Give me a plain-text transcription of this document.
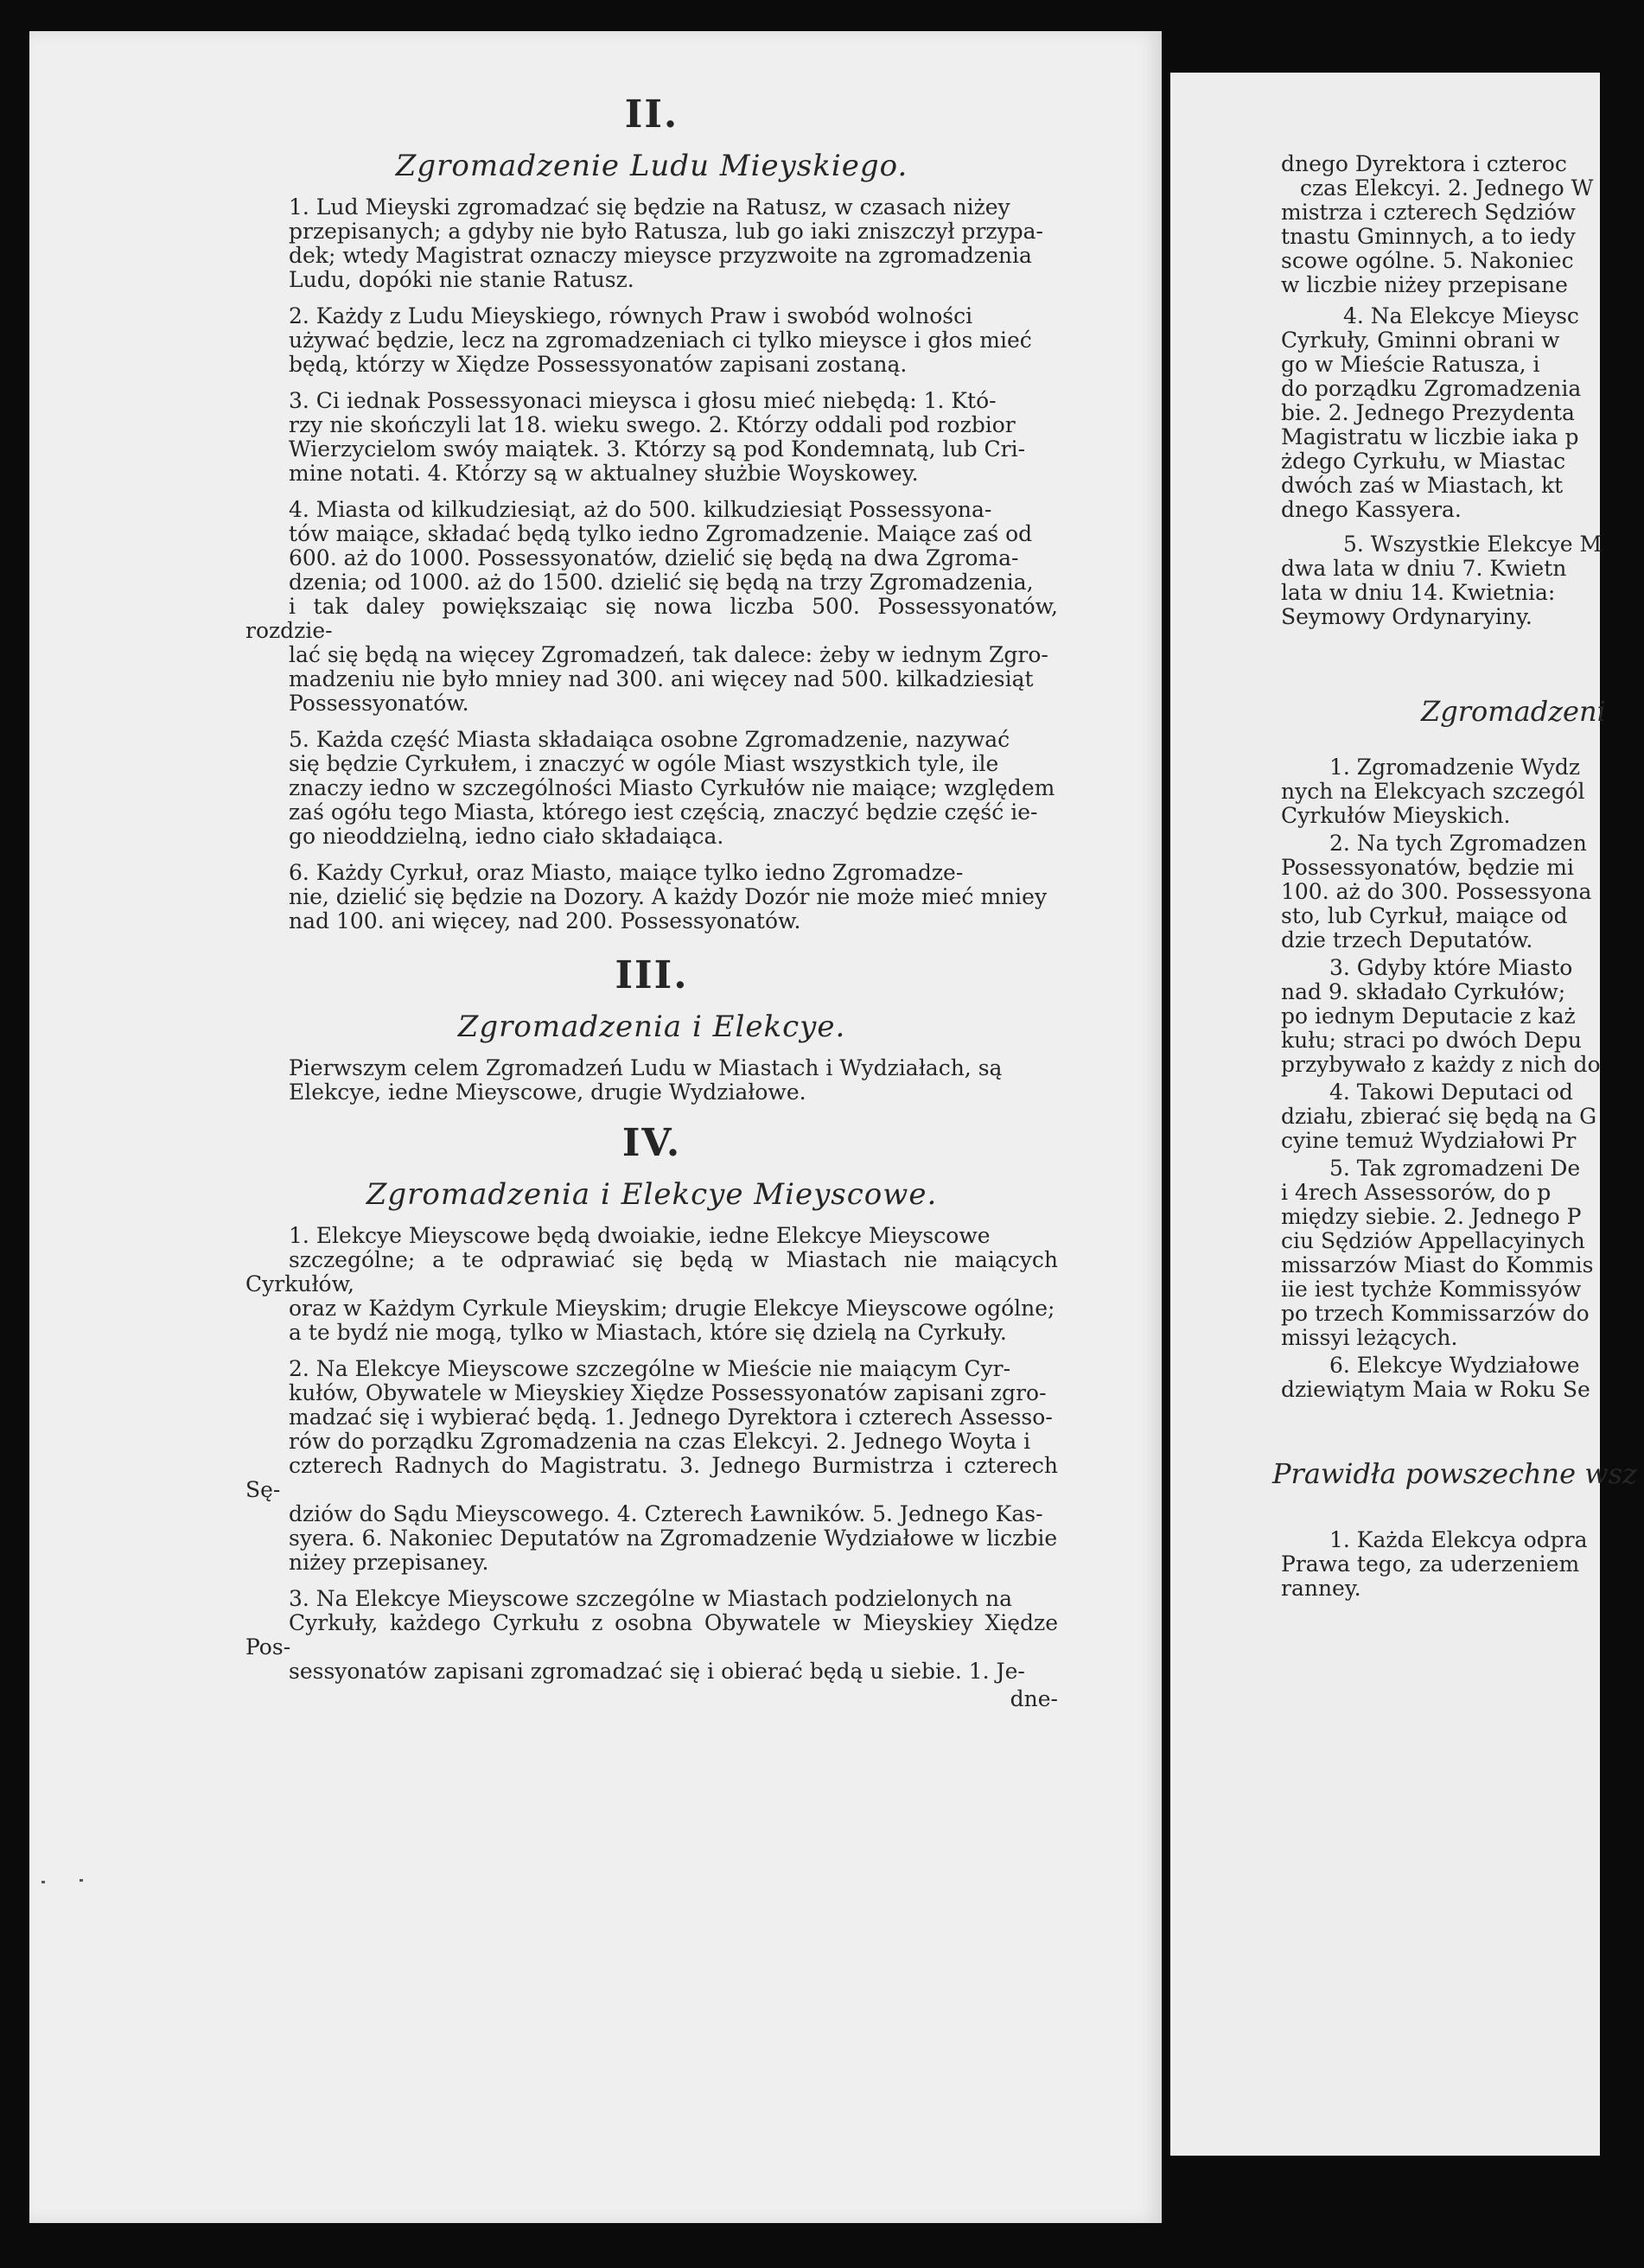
II.
Zgromadzenie Ludu Mieyskiego.
1. Lud Mieyski zgromadzać się będzie na Ratusz, w czasach niżey
przepisanych; a gdyby nie było Ratusza, lub go iaki zniszczył przypa-
dek; wtedy Magistrat oznaczy mieysce przyzwoite na zgromadzenia
Ludu, dopóki nie stanie Ratusz.
2. Każdy z Ludu Mieyskiego, równych Praw i swobód wolności
używać będzie, lecz na zgromadzeniach ci tylko mieysce i głos mieć
będą, którzy w Xiędze Possessyonatów zapisani zostaną.
3. Ci iednak Possessyonaci mieysca i głosu mieć niebędą: 1. Któ-
rzy nie skończyli lat 18. wieku swego. 2. Którzy oddali pod rozbior
Wierzycielom swóy maiątek. 3. Którzy są pod Kondemnatą, lub Cri-
mine notati. 4. Którzy są w aktualney służbie Woyskowey.
4. Miasta od kilkudziesiąt, aż do 500. kilkudziesiąt Possessyona-
tów maiące, składać będą tylko iedno Zgromadzenie. Maiące zaś od
600. aż do 1000. Possessyonatów, dzielić się będą na dwa Zgroma-
dzenia; od 1000. aż do 1500. dzielić się będą na trzy Zgromadzenia,
i tak daley powiększaiąc się nowa liczba 500. Possessyonatów, rozdzie-
lać się będą na więcey Zgromadzeń, tak dalece: żeby w iednym Zgro-
madzeniu nie było mniey nad 300. ani więcey nad 500. kilkadziesiąt
Possessyonatów.
5. Każda część Miasta składaiąca osobne Zgromadzenie, nazywać
się będzie Cyrkułem, i znaczyć w ogóle Miast wszystkich tyle, ile
znaczy iedno w szczególności Miasto Cyrkułów nie maiące; względem
zaś ogółu tego Miasta, którego iest częścią, znaczyć będzie część ie-
go nieoddzielną, iedno ciało składaiąca.
6. Każdy Cyrkuł, oraz Miasto, maiące tylko iedno Zgromadze-
nie, dzielić się będzie na Dozory. A każdy Dozór nie może mieć mniey
nad 100. ani więcey, nad 200. Possessyonatów.
III.
Zgromadzenia i Elekcye.
Pierwszym celem Zgromadzeń Ludu w Miastach i Wydziałach, są
Elekcye, iedne Mieyscowe, drugie Wydziałowe.
IV.
Zgromadzenia i Elekcye Mieyscowe.
1. Elekcye Mieyscowe będą dwoiakie, iedne Elekcye Mieyscowe
szczególne; a te odprawiać się będą w Miastach nie maiących Cyrkułów,
oraz w Każdym Cyrkule Mieyskim; drugie Elekcye Mieyscowe ogólne;
a te bydź nie mogą, tylko w Miastach, które się dzielą na Cyrkuły.
2. Na Elekcye Mieyscowe szczególne w Mieście nie maiącym Cyr-
kułów, Obywatele w Mieyskiey Xiędze Possessyonatów zapisani zgro-
madzać się i wybierać będą. 1. Jednego Dyrektora i czterech Assesso-
rów do porządku Zgromadzenia na czas Elekcyi. 2. Jednego Woyta i
czterech Radnych do Magistratu. 3. Jednego Burmistrza i czterech Sę-
dziów do Sądu Mieyscowego. 4. Czterech Ławników. 5. Jednego Kas-
syera. 6. Nakoniec Deputatów na Zgromadzenie Wydziałowe w liczbie
niżey przepisaney.
3. Na Elekcye Mieyscowe szczególne w Miastach podzielonych na
Cyrkuły, każdego Cyrkułu z osobna Obywatele w Mieyskiey Xiędze Pos-
sessyonatów zapisani zgromadzać się i obierać będą u siebie. 1. Je-
dne-
dnego Dyrektora i czteroc
czas Elekcyi. 2. Jednego W
mistrza i czterech Sędziów
tnastu Gminnych, a to iedy
scowe ogólne. 5. Nakoniec
w liczbie niżey przepisane
4. Na Elekcye Mieysc
Cyrkuły, Gminni obrani w
go w Mieście Ratusza, i
do porządku Zgromadzenia
bie. 2. Jednego Prezydenta
Magistratu w liczbie iaka p
żdego Cyrkułu, w Miastac
dwóch zaś w Miastach, kt
dnego Kassyera.
5. Wszystkie Elekcye M
dwa lata w dniu 7. Kwietn
lata w dniu 14. Kwietnia:
Seymowy Ordynaryiny.
Zgromadzeni
1. Zgromadzenie Wydz
nych na Elekcyach szczegól
Cyrkułów Mieyskich.
2. Na tych Zgromadzen
Possessyonatów, będzie mi
100. aż do 300. Possessyona
sto, lub Cyrkuł, maiące od
dzie trzech Deputatów.
3. Gdyby które Miasto
nad 9. składało Cyrkułów;
po iednym Deputacie z każ
kułu; straci po dwóch Depu
przybywało z każdy z nich do
4. Takowi Deputaci od
działu, zbierać się będą na G
cyine temuż Wydziałowi Pr
5. Tak zgromadzeni De
i 4rech Assessorów, do p
między siebie. 2. Jednego P
ciu Sędziów Appellacyinych
missarzów Miast do Kommis
iie iest tychże Kommissyów
po trzech Kommissarzów do
missyi leżących.
6. Elekcye Wydziałowe
dziewiątym Maia w Roku Se
Prawidła powszechne wsz
1. Każda Elekcya odpra
Prawa tego, za uderzeniem
ranney.
